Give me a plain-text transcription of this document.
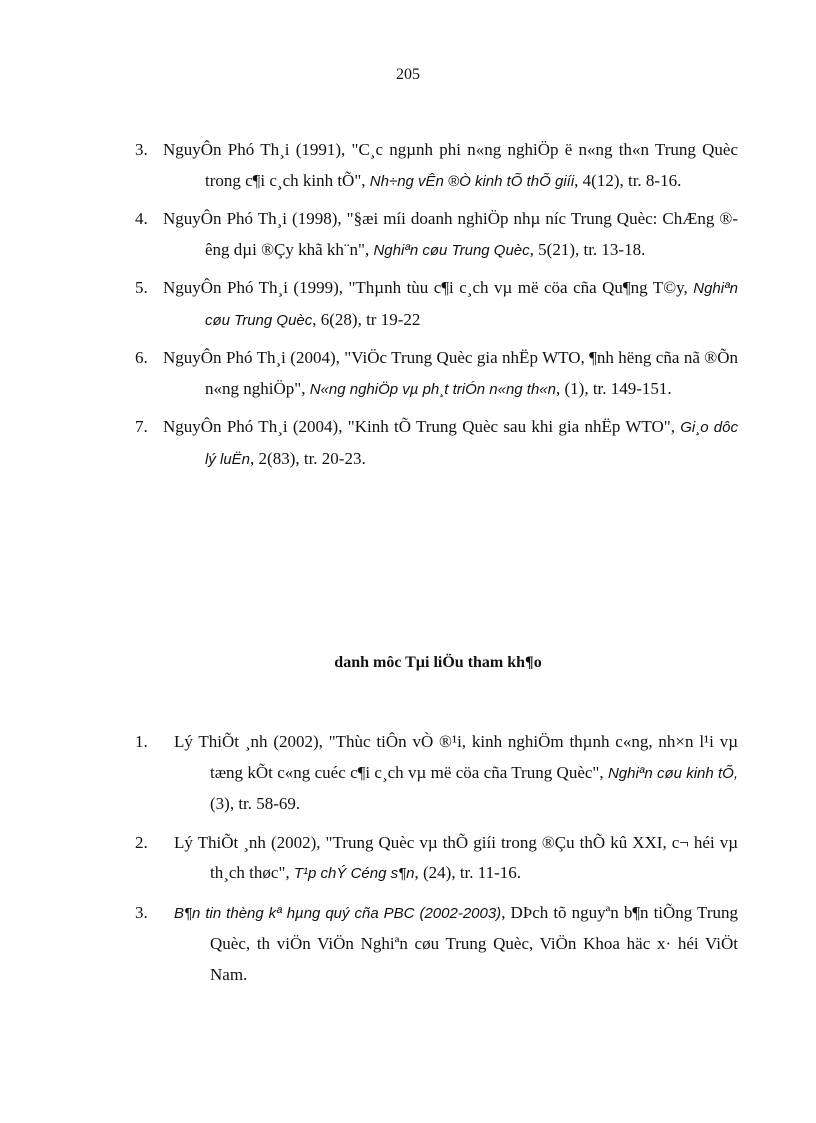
205
3. NguyÔn Phó Th¸i (1991), "C¸c ngµnh phi n«ng nghiÖp ë n«ng th«n Trung Quèc trong c¶i c¸ch kinh tÕ", Nh÷ng vÊn ®Ò kinh tÕ thÕ giíi, 4(12), tr. 8-16.
4. NguyÔn Phó Th¸i (1998), "§æi míi doanh nghiÖp nhµ níc Trung Quèc: ChÆng ®êng dµi ®Çy khã kh¨n", Nghiªn cøu Trung Quèc, 5(21), tr. 13-18.
5. NguyÔn Phó Th¸i (1999), "Thµnh tùu c¶i c¸ch vµ më cöa cña Qu¶ng T©y, Nghiªn cøu Trung Quèc, 6(28), tr 19-22
6. NguyÔn Phó Th¸i (2004), "ViÖc Trung Quèc gia nhËp WTO, ¶nh hëng cña nã ®Õn n«ng nghiÖp", N«ng nghiÖp vµ ph¸t triÓn n«ng th«n, (1), tr. 149-151.
7. NguyÔn Phó Th¸i (2004), "Kinh tÕ Trung Quèc sau khi gia nhËp WTO", Gi¸o dôc lý luËn, 2(83), tr. 20-23.
danh môc Tµi liÖu tham kh¶o
1. Lý ThiÕt ¸nh (2002), "Thùc tiÔn vÒ ®¹i, kinh nghiÖm thµnh c«ng, nh×n l¹i vµ tæng kÕt c«ng cuéc c¶i c¸ch vµ më cöa cña Trung Quèc", Nghiªn cøu kinh tÕ, (3), tr. 58-69.
2. Lý ThiÕt ¸nh (2002), "Trung Quèc vµ thÕ giíi trong ®Çu thÕ kû XXI, c¬ héi vµ th¸ch thøc", T¹p chÝ Céng s¶n, (24), tr. 11-16.
3. B¶n tin thèng kª hµng quý cña PBC (2002-2003), DÞch tõ nguyªn b¶n tiÕng Trung Quèc, th viÖn ViÖn Nghiªn cøu Trung Quèc, ViÖn Khoa häc x· héi ViÖt Nam.
